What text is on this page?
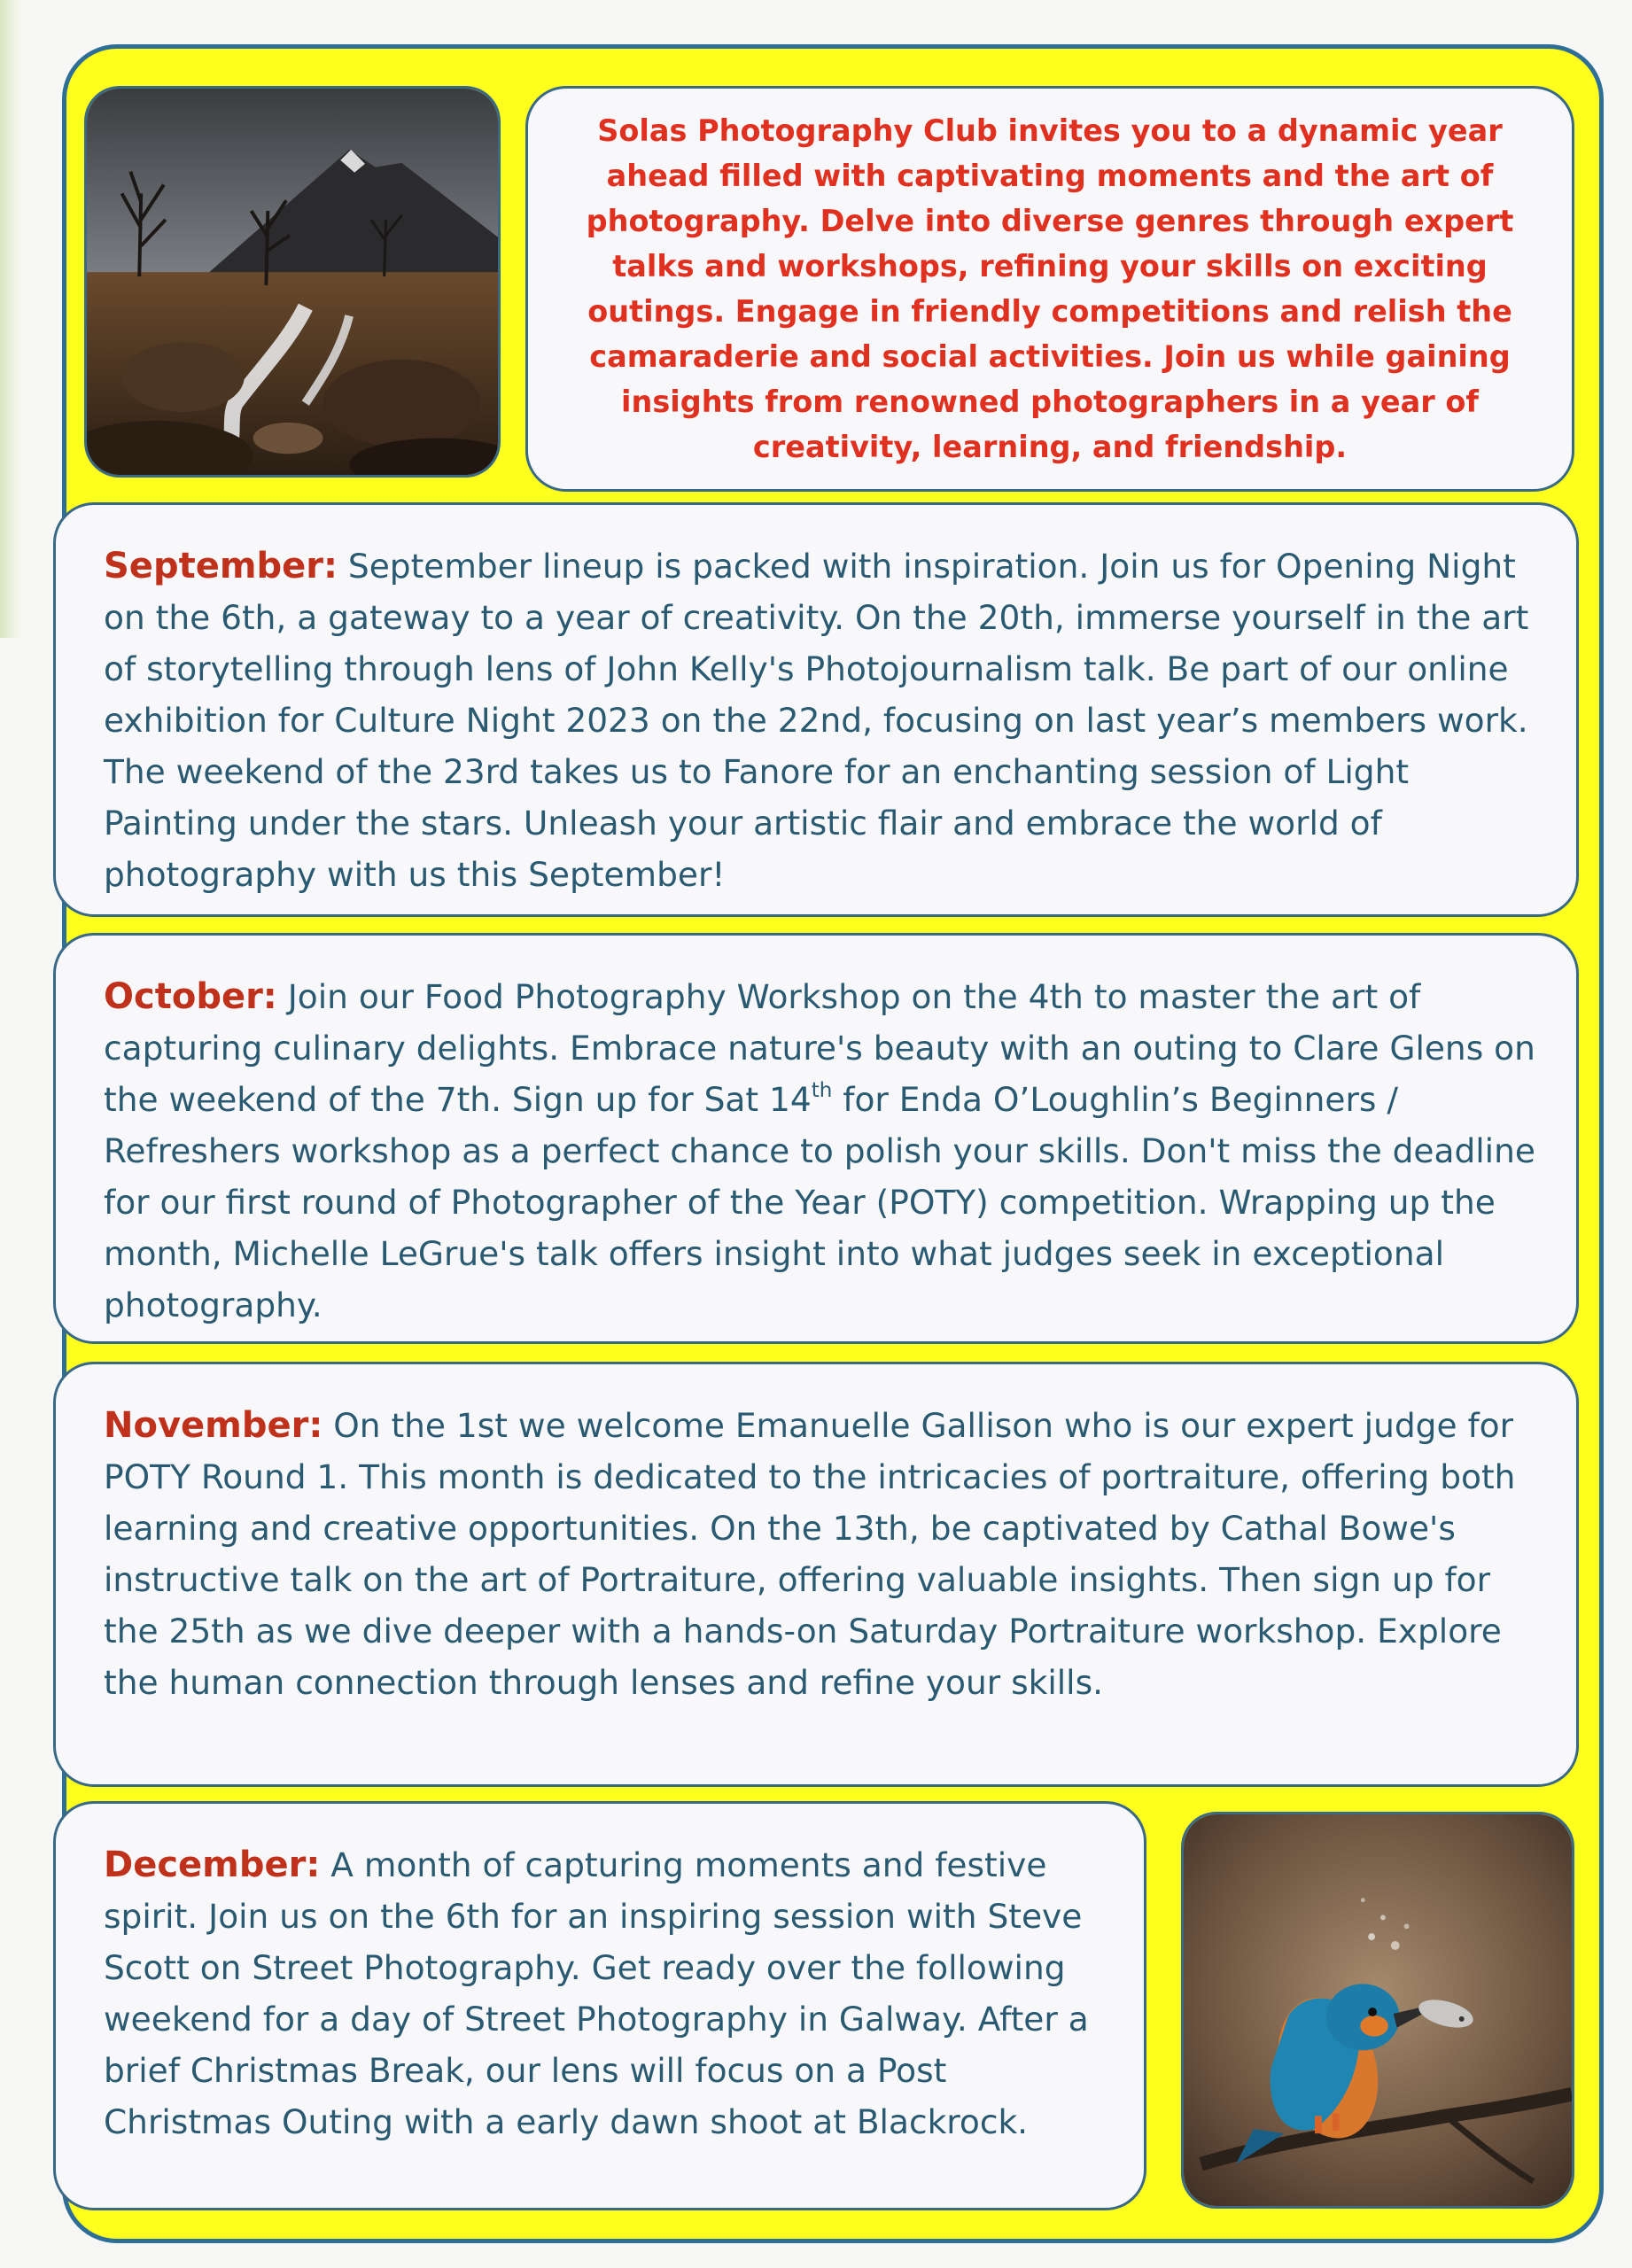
Solas Photography Club invites you to a dynamic year ahead filled with captivating moments and the art of photography. Delve into diverse genres through expert talks and workshops, refining your skills on exciting outings. Engage in friendly competitions and relish the camaraderie and social activities. Join us while gaining insights from renowned photographers in a year of creativity, learning, and friendship.

September: September lineup is packed with inspiration. Join us for Opening Night on the 6th, a gateway to a year of creativity. On the 20th, immerse yourself in the art of storytelling through lens of John Kelly's Photojournalism talk. Be part of our online exhibition for Culture Night 2023 on the 22nd, focusing on last year’s members work. The weekend of the 23rd takes us to Fanore for an enchanting session of Light Painting under the stars. Unleash your artistic flair and embrace the world of photography with us this September!

October: Join our Food Photography Workshop on the 4th to master the art of capturing culinary delights. Embrace nature's beauty with an outing to Clare Glens on the weekend of the 7th. Sign up for Sat 14th for Enda O’Loughlin’s Beginners / Refreshers workshop as a perfect chance to polish your skills. Don't miss the deadline for our first round of Photographer of the Year (POTY) competition. Wrapping up the month, Michelle LeGrue's talk offers insight into what judges seek in exceptional photography.

November: On the 1st we welcome Emanuelle Gallison who is our expert judge for POTY Round 1. This month is dedicated to the intricacies of portraiture, offering both learning and creative opportunities. On the 13th, be captivated by Cathal Bowe's instructive talk on the art of Portraiture, offering valuable insights. Then sign up for the 25th as we dive deeper with a hands-on Saturday Portraiture workshop. Explore the human connection through lenses and refine your skills.

December: A month of capturing moments and festive spirit. Join us on the 6th for an inspiring session with Steve Scott on Street Photography. Get ready over the following weekend for a day of Street Photography in Galway. After a brief Christmas Break, our lens will focus on a Post Christmas Outing with a early dawn shoot at Blackrock.
